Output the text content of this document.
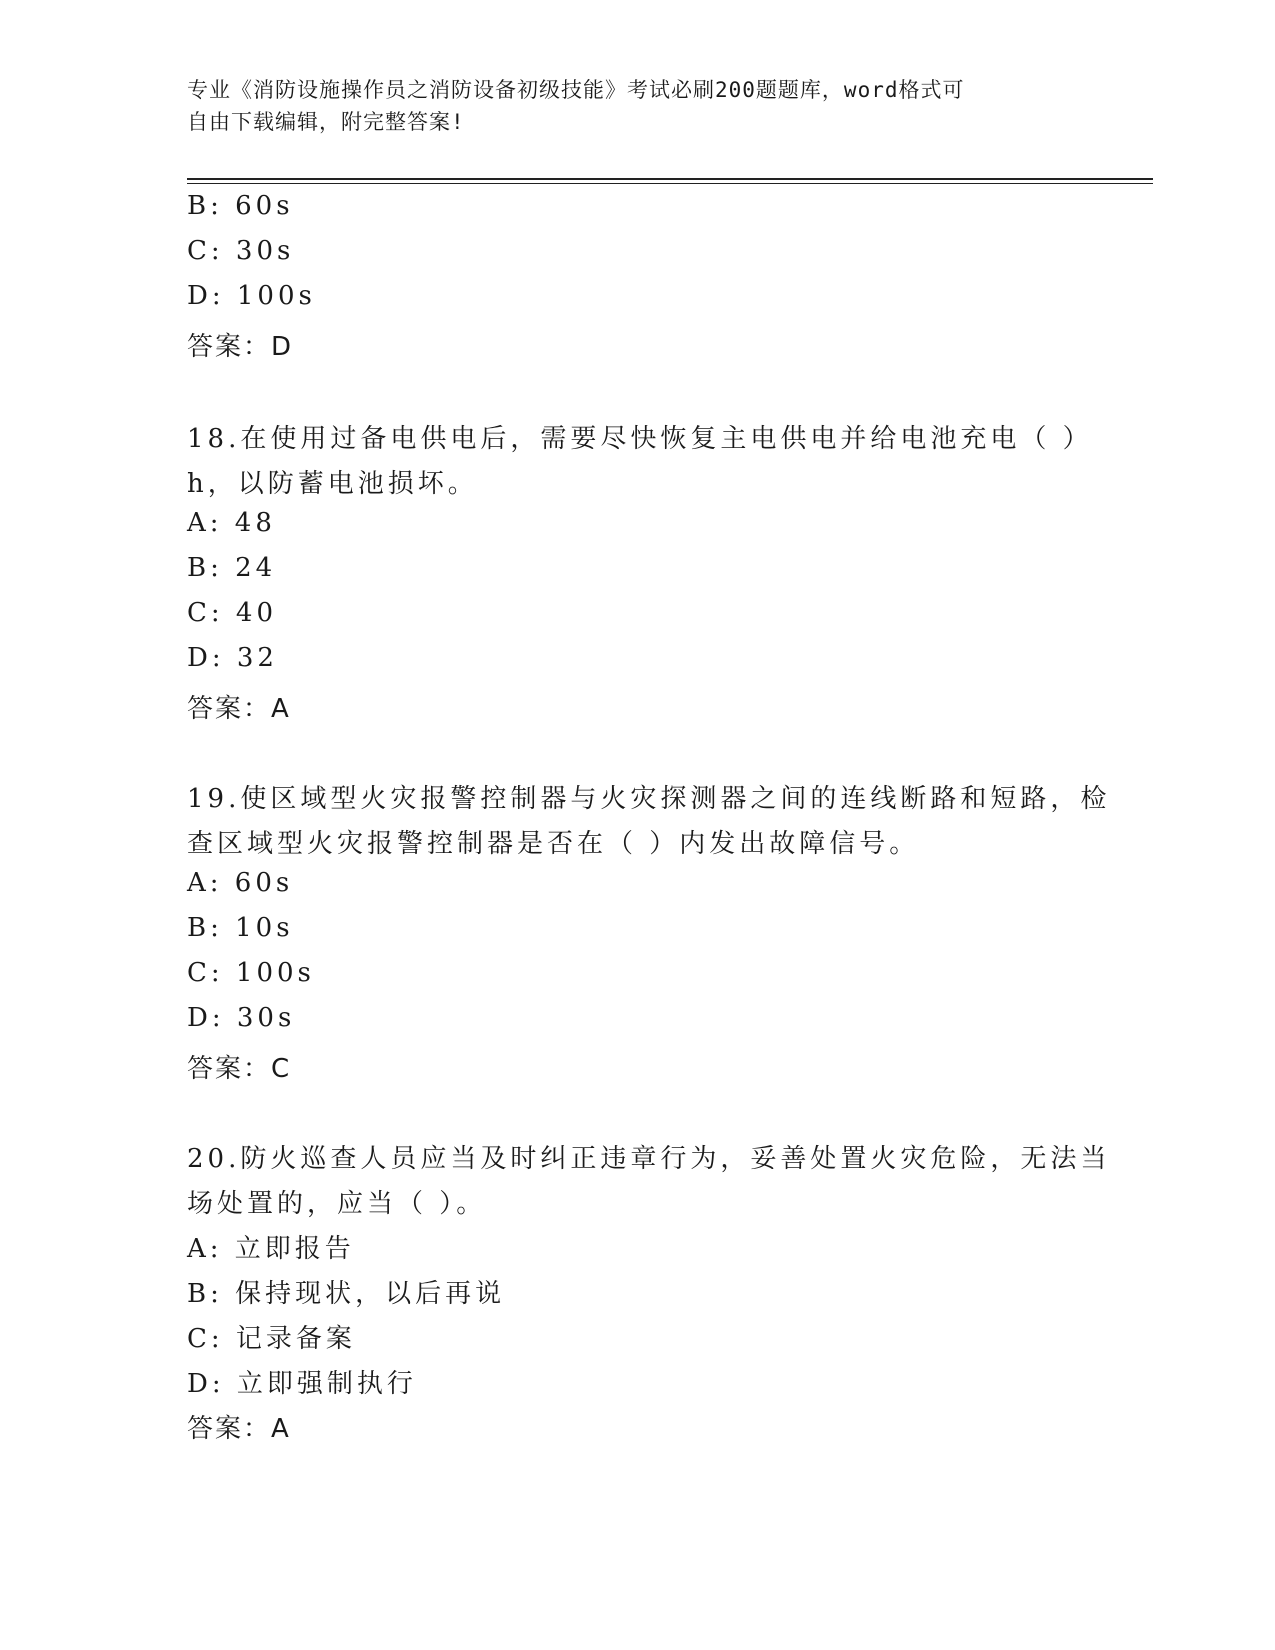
专业《消防设施操作员之消防设备初级技能》考试必刷200题题库，word格式可
自由下载编辑，附完整答案!
B: 60s
C: 30s
D: 100s
答案：D
18.在使用过备电供电后，需要尽快恢复主电供电并给电池充电（ ）
h，以防蓄电池损坏。
A: 48
B: 24
C: 40
D: 32
答案：A
19.使区域型火灾报警控制器与火灾探测器之间的连线断路和短路，检
查区域型火灾报警控制器是否在（ ）内发出故障信号。
A: 60s
B: 10s
C: 100s
D: 30s
答案：C
20.防火巡查人员应当及时纠正违章行为，妥善处置火灾危险，无法当
场处置的，应当（ ）。
A: 立即报告
B: 保持现状，以后再说
C: 记录备案
D: 立即强制执行
答案：A
